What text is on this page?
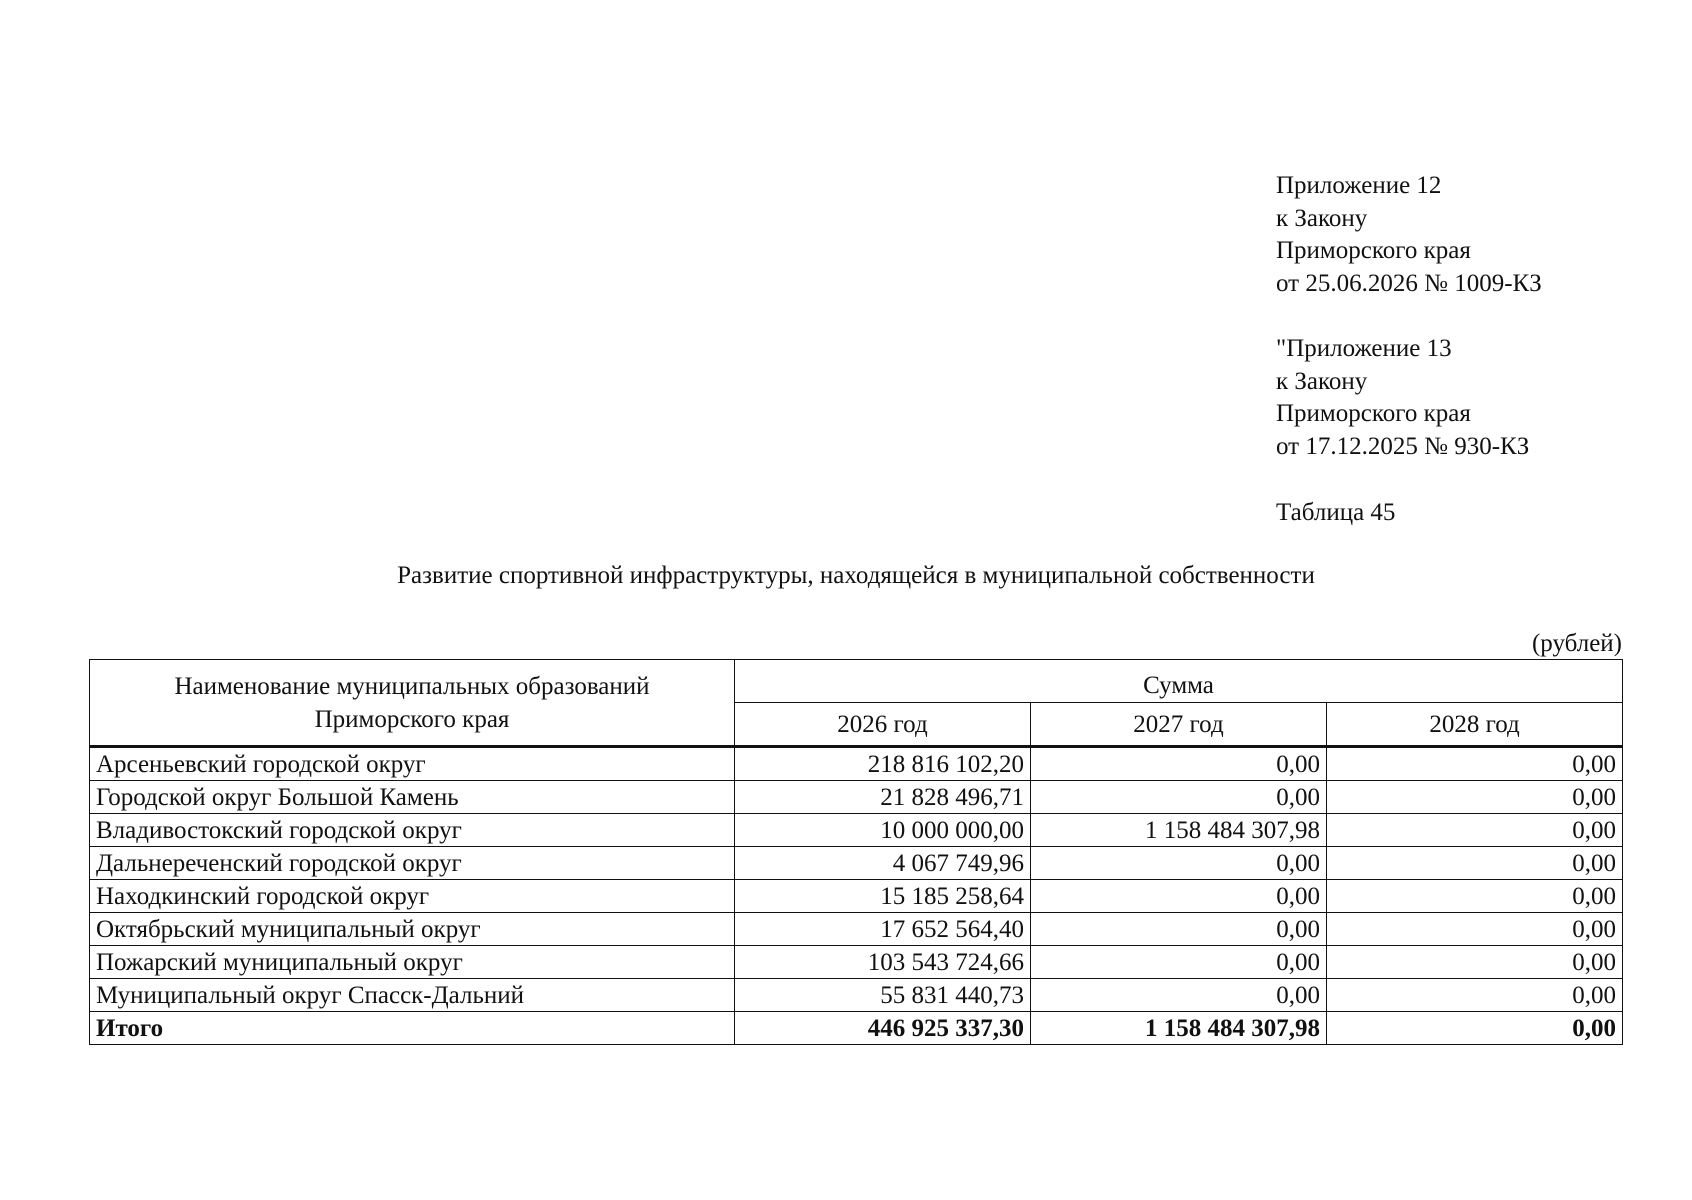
Приложение 12
к Закону
Приморского края
от 25.06.2026 № 1009-КЗ
"Приложение 13
к Закону
Приморского края
от 17.12.2025 № 930-КЗ
Таблица 45
Развитие спортивной инфраструктуры, находящейся в муниципальной собственности
(рублей)
Наименование муниципальных образований
Приморского края	Сумма		
	2026 год	2027 год	2028 год
Арсеньевский городской округ	218 816 102,20	0,00	0,00
Городской округ Большой Камень	21 828 496,71	0,00	0,00
Владивостокский городской округ	10 000 000,00	1 158 484 307,98	0,00
Дальнереченский городской округ	4 067 749,96	0,00	0,00
Находкинский городской округ	15 185 258,64	0,00	0,00
Октябрьский муниципальный округ	17 652 564,40	0,00	0,00
Пожарский муниципальный округ	103 543 724,66	0,00	0,00
Муниципальный округ Спасск-Дальний	55 831 440,73	0,00	0,00
Итого	446 925 337,30	1 158 484 307,98	0,00
